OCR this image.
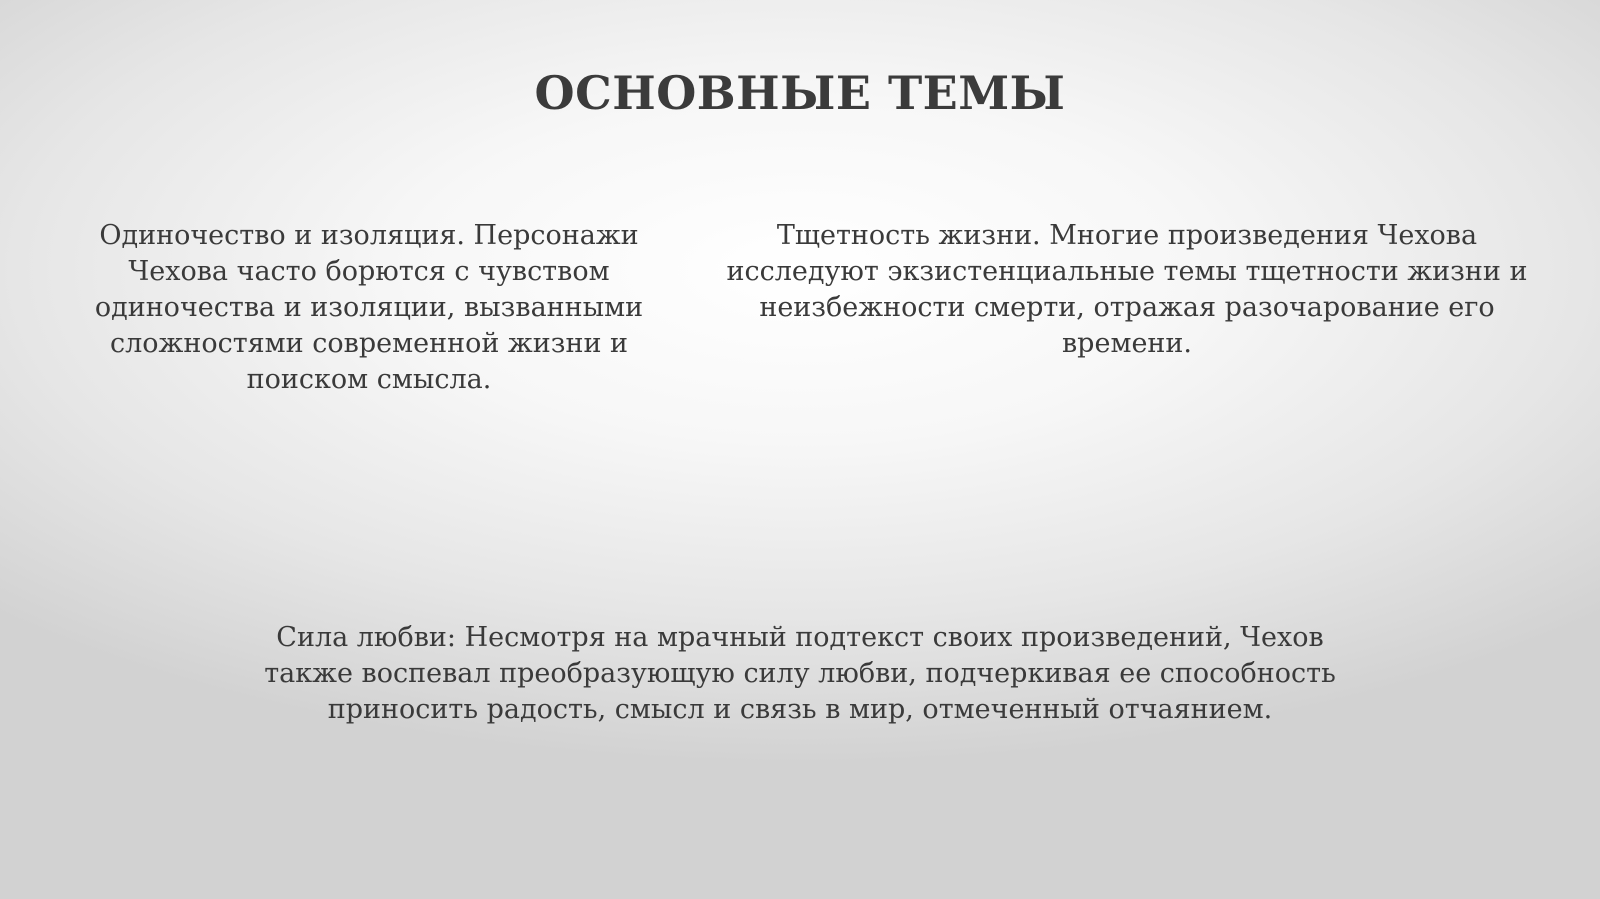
ОСНОВНЫЕ ТЕМЫ

Одиночество и изоляция. Персонажи Чехова часто борются с чувством одиночества и изоляции, вызванными сложностями современной жизни и поиском смысла.

Тщетность жизни. Многие произведения Чехова исследуют экзистенциальные темы тщетности жизни и неизбежности смерти, отражая разочарование его времени.

Сила любви: Несмотря на мрачный подтекст своих произведений, Чехов также воспевал преобразующую силу любви, подчеркивая ее способность приносить радость, смысл и связь в мир, отмеченный отчаянием.
